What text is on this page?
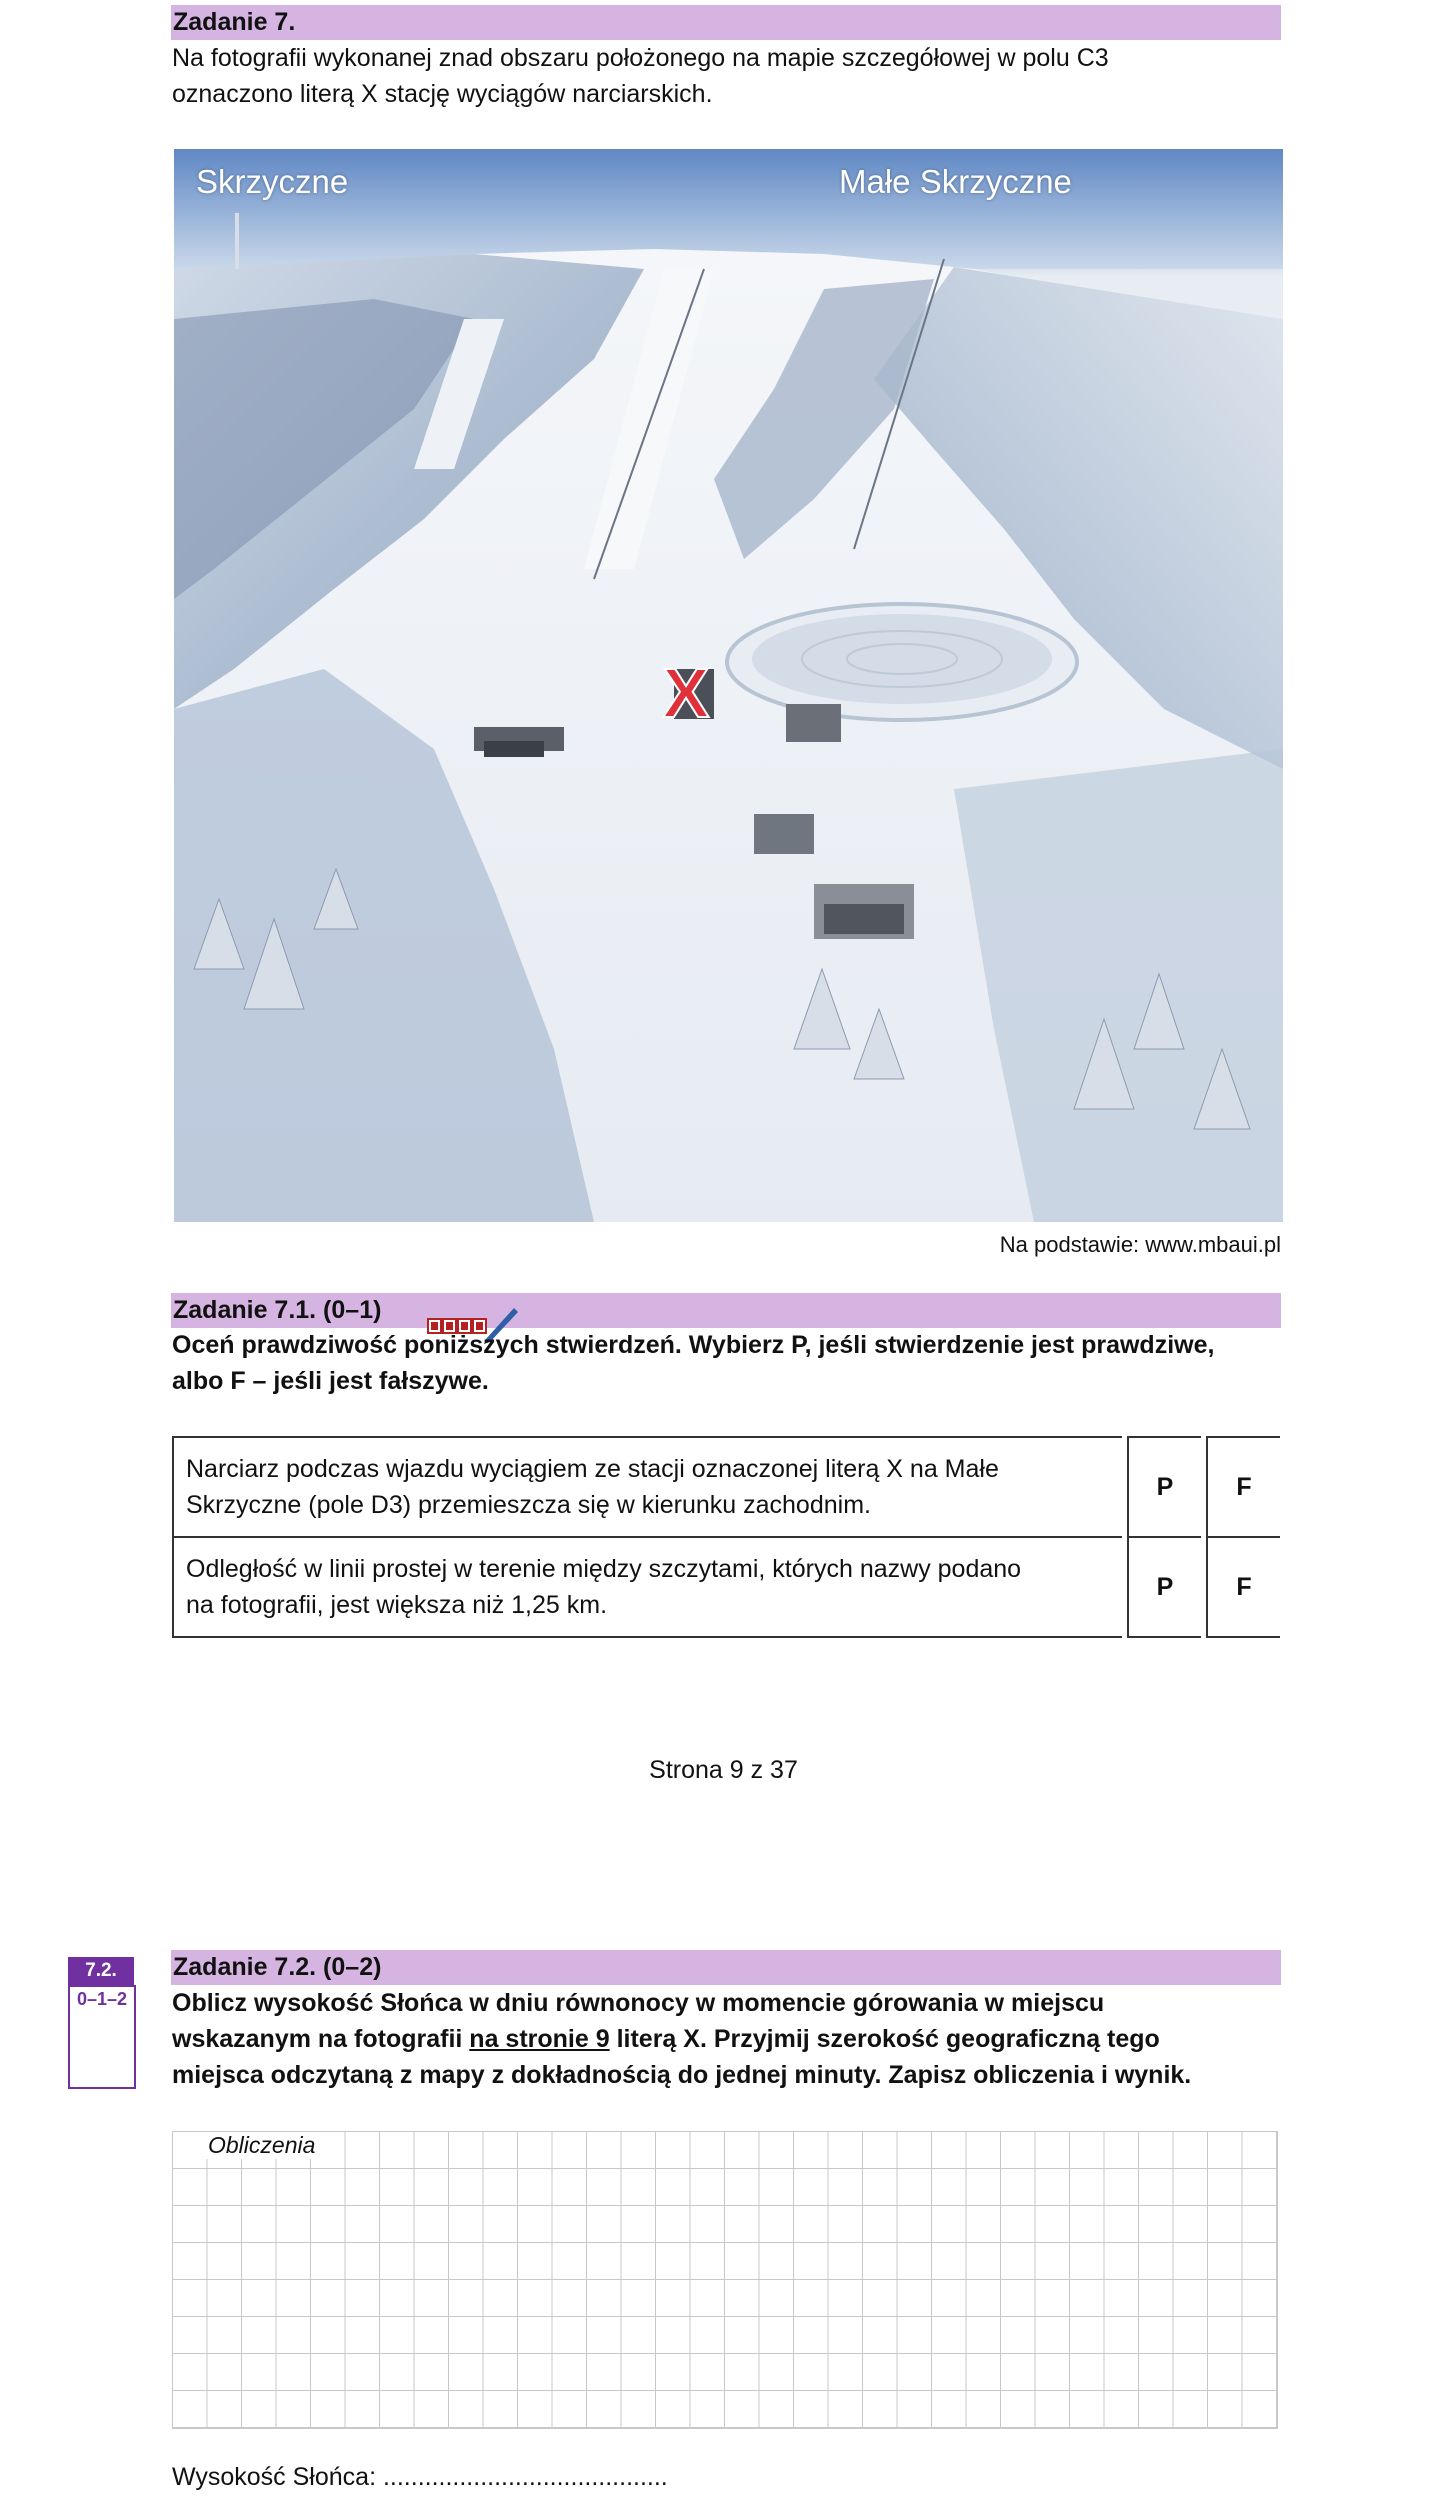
Zadanie 7.
Na fotografii wykonanej znad obszaru położonego na mapie szczegółowej w polu C3
oznaczono literą X stację wyciągów narciarskich.
X
Skrzyczne	Małe Skrzyczne
Na podstawie: www.mbaui.pl
Zadanie 7.1. (0–1)
Oceń prawdziwość poniższych stwierdzeń. Wybierz P, jeśli stwierdzenie jest prawdziwe,
albo F – jeśli jest fałszywe.
Narciarz podczas wjazdu wyciągiem ze stacji oznaczonej literą X na Małe
Skrzyczne (pole D3) przemieszcza się w kierunku zachodnim.		P		F

Odległość w linii prostej w terenie między szczytami, których nazwy podano
na fotografii, jest większa niż 1,25 km.		P		F
Strona 9 z 37
7.2.
0–1–2
Zadanie 7.2. (0–2)
Oblicz wysokość Słońca w dniu równonocy w momencie górowania w miejscu
wskazanym na fotografii na stronie 9 literą X. Przyjmij szerokość geograficzną tego
miejsca odczytaną z mapy z dokładnością do jednej minuty. Zapisz obliczenia i wynik.
Obliczenia
Wysokość Słońca: .........................................
